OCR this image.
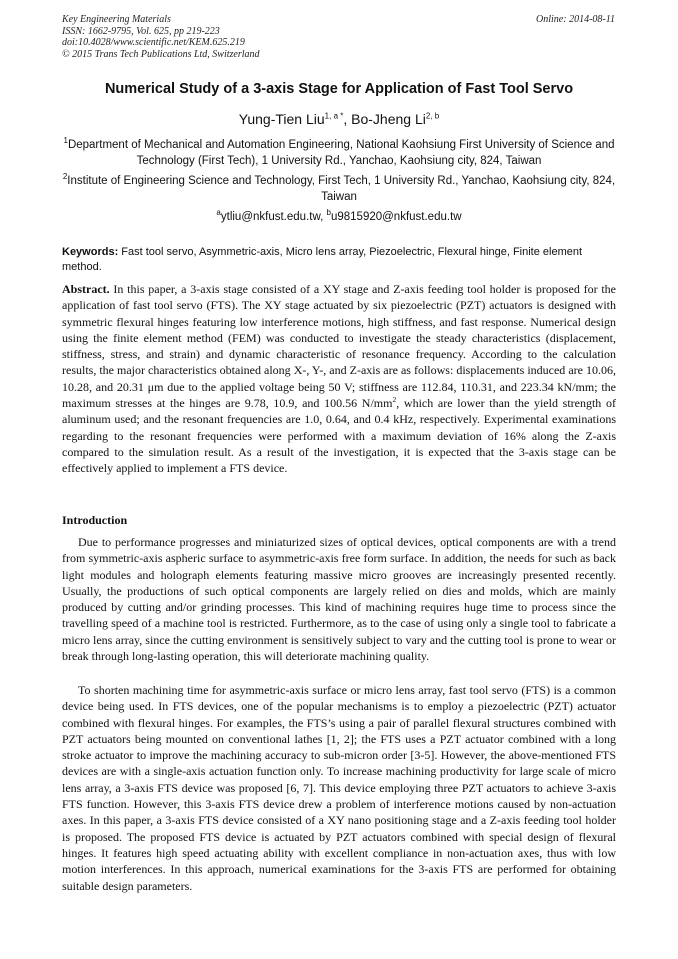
Key Engineering Materials
ISSN: 1662-9795, Vol. 625, pp 219-223
doi:10.4028/www.scientific.net/KEM.625.219
© 2015 Trans Tech Publications Ltd, Switzerland
Online: 2014-08-11
Numerical Study of a 3-axis Stage for Application of Fast Tool Servo
Yung-Tien Liu$^{1, a *}$, Bo-Jheng Li$^{2, b}$
$^1$Department of Mechanical and Automation Engineering, National Kaohsiung First University of Science and Technology (First Tech), 1 University Rd., Yanchao, Kaohsiung city, 824, Taiwan
$^2$Institute of Engineering Science and Technology, First Tech, 1 University Rd., Yanchao, Kaohsiung city, 824, Taiwan
$^a$ytliu@nkfust.edu.tw, $^b$u9815920@nkfust.edu.tw
Keywords: Fast tool servo, Asymmetric-axis, Micro lens array, Piezoelectric, Flexural hinge, Finite element method.
Abstract. In this paper, a 3-axis stage consisted of a XY stage and Z-axis feeding tool holder is proposed for the application of fast tool servo (FTS). The XY stage actuated by six piezoelectric (PZT) actuators is designed with symmetric flexural hinges featuring low interference motions, high stiffness, and fast response. Numerical design using the finite element method (FEM) was conducted to investigate the steady characteristics (displacement, stiffness, stress, and strain) and dynamic characteristic of resonance frequency. According to the calculation results, the major characteristics obtained along X-, Y-, and Z-axis are as follows: displacements induced are 10.06, 10.28, and 20.31 μm due to the applied voltage being 50 V; stiffness are 112.84, 110.31, and 223.34 kN/mm; the maximum stresses at the hinges are 9.78, 10.9, and 100.56 $N/mm^2$, which are lower than the yield strength of aluminum used; and the resonant frequencies are 1.0, 0.64, and 0.4 kHz, respectively. Experimental examinations regarding to the resonant frequencies were performed with a maximum deviation of 16% along the Z-axis compared to the simulation result. As a result of the investigation, it is expected that the 3-axis stage can be effectively applied to implement a FTS device.
Introduction
Due to performance progresses and miniaturized sizes of optical devices, optical components are with a trend from symmetric-axis aspheric surface to asymmetric-axis free form surface. In addition, the needs for such as back light modules and holograph elements featuring massive micro grooves are increasingly presented recently. Usually, the productions of such optical components are largely relied on dies and molds, which are mainly produced by cutting and/or grinding processes. This kind of machining requires huge time to process since the travelling speed of a machine tool is restricted. Furthermore, as to the case of using only a single tool to fabricate a micro lens array, since the cutting environment is sensitively subject to vary and the cutting tool is prone to wear or break through long-lasting operation, this will deteriorate machining quality.
To shorten machining time for asymmetric-axis surface or micro lens array, fast tool servo (FTS) is a common device being used. In FTS devices, one of the popular mechanisms is to employ a piezoelectric (PZT) actuator combined with flexural hinges. For examples, the FTS’s using a pair of parallel flexural structures combined with PZT actuators being mounted on conventional lathes [1, 2]; the FTS uses a PZT actuator combined with a long stroke actuator to improve the machining accuracy to sub-micron order [3-5]. However, the above-mentioned FTS devices are with a single-axis actuation function only. To increase machining productivity for large scale of micro lens array, a 3-axis FTS device was proposed [6, 7]. This device employing three PZT actuators to achieve 3-axis FTS function. However, this 3-axis FTS device drew a problem of interference motions caused by non-actuation axes. In this paper, a 3-axis FTS device consisted of a XY nano positioning stage and a Z-axis feeding tool holder is proposed. The proposed FTS device is actuated by PZT actuators combined with special design of flexural hinges. It features high speed actuating ability with excellent compliance in non-actuation axes, thus with low motion interferences. In this approach, numerical examinations for the 3-axis FTS are performed for obtaining suitable design parameters.
